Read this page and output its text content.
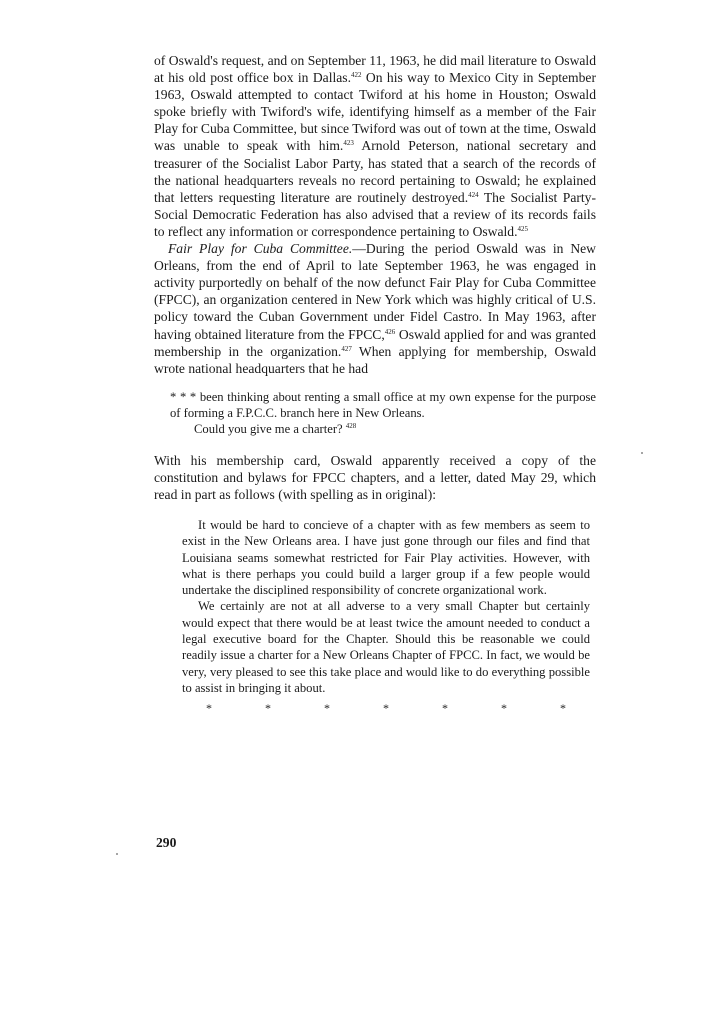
of Oswald's request, and on September 11, 1963, he did mail literature to Oswald at his old post office box in Dallas.$^{422}$ On his way to Mexico City in September 1963, Oswald attempted to contact Twiford at his home in Houston; Oswald spoke briefly with Twiford's wife, identifying himself as a member of the Fair Play for Cuba Committee, but since Twiford was out of town at the time, Oswald was unable to speak with him.$^{423}$ Arnold Peterson, national secretary and treasurer of the Socialist Labor Party, has stated that a search of the records of the national headquarters reveals no record pertaining to Oswald; he explained that letters requesting literature are routinely destroyed.$^{424}$ The Socialist Party-Social Democratic Federation has also advised that a review of its records fails to reflect any information or correspondence pertaining to Oswald.$^{425}$

Fair Play for Cuba Committee.—During the period Oswald was in New Orleans, from the end of April to late September 1963, he was engaged in activity purportedly on behalf of the now defunct Fair Play for Cuba Committee (FPCC), an organization centered in New York which was highly critical of U.S. policy toward the Cuban Government under Fidel Castro. In May 1963, after having obtained literature from the FPCC,$^{426}$ Oswald applied for and was granted membership in the organization.$^{427}$ When applying for membership, Oswald wrote national headquarters that he had

* * * been thinking about renting a small office at my own expense for the purpose of forming a F.P.C.C. branch here in New Orleans.

Could you give me a charter? $^{428}$

With his membership card, Oswald apparently received a copy of the constitution and bylaws for FPCC chapters, and a letter, dated May 29, which read in part as follows (with spelling as in original):

It would be hard to concieve of a chapter with as few members as seem to exist in the New Orleans area. I have just gone through our files and find that Louisiana seams somewhat restricted for Fair Play activities. However, with what is there perhaps you could build a larger group if a few people would undertake the disciplined responsibility of concrete organizational work.

We certainly are not at all adverse to a very small Chapter but certainly would expect that there would be at least twice the amount needed to conduct a legal executive board for the Chapter. Should this be reasonable we could readily issue a charter for a New Orleans Chapter of FPCC. In fact, we would be very, very pleased to see this take place and would like to do everything possible to assist in bringing it about.

*	*	*	*	*	*	*
290
